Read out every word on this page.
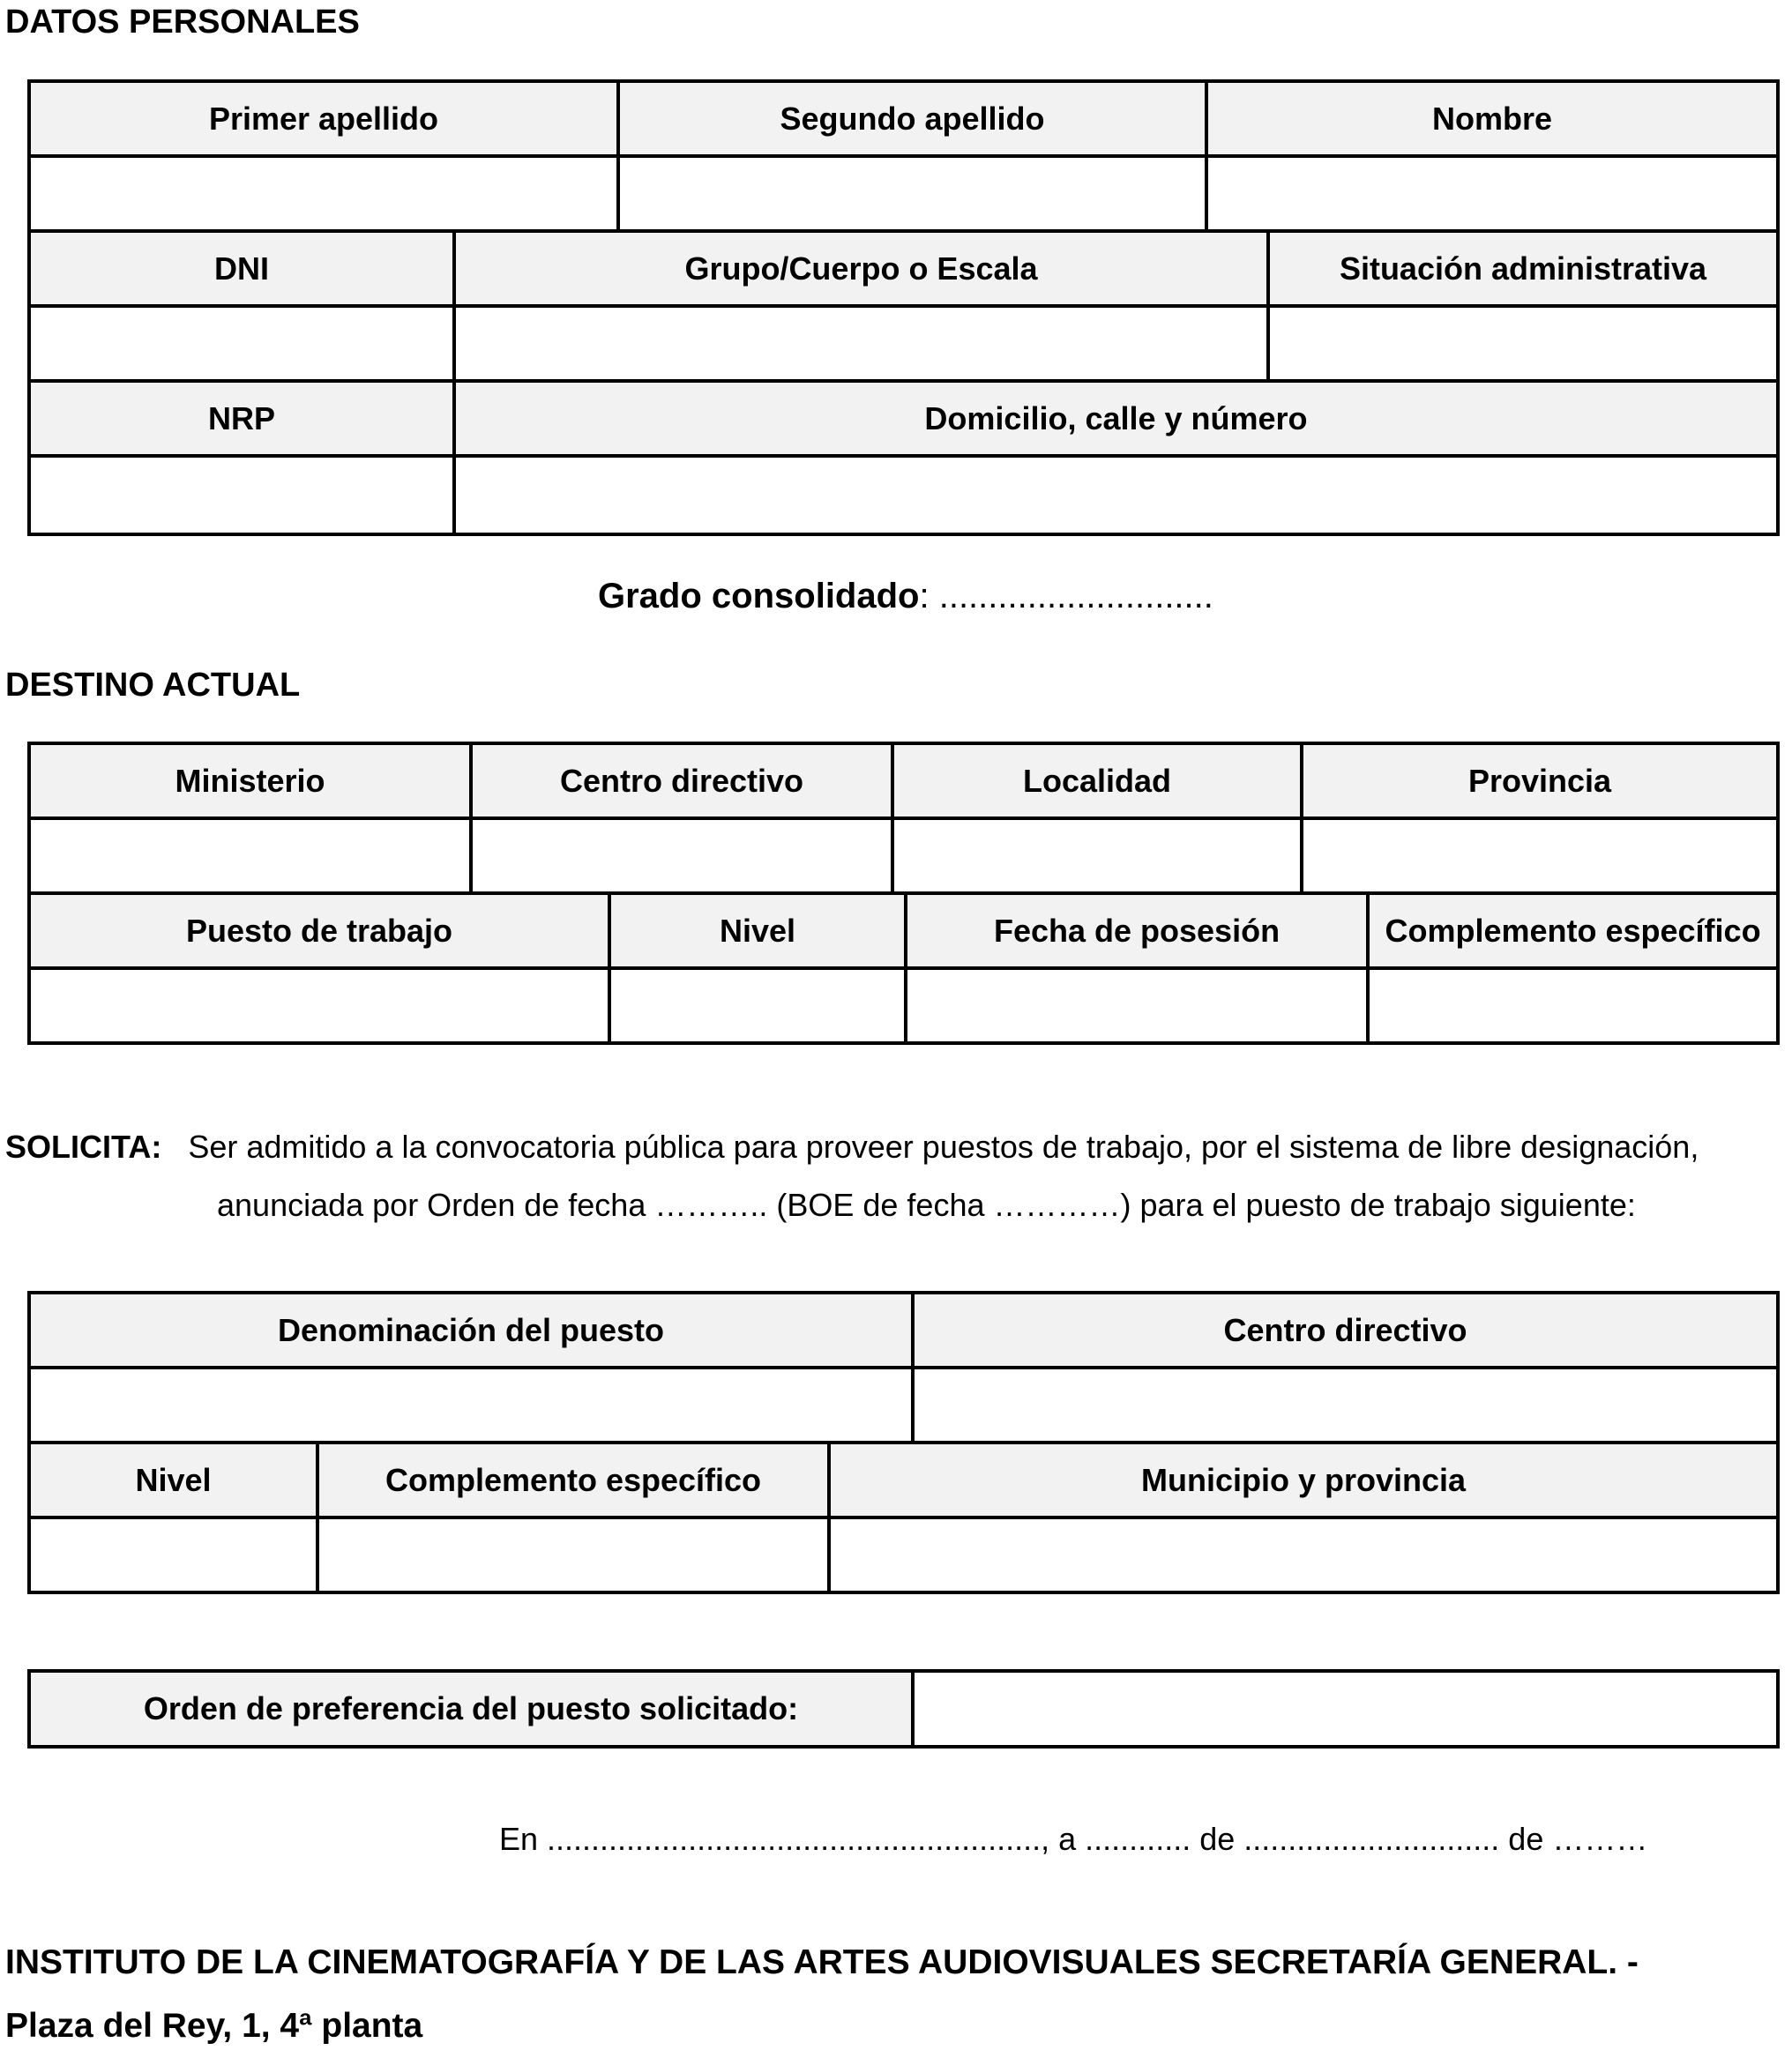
DATOS PERSONALES
Primer apellido		Segundo apellido	Nombre	

DNI	Grupo/Cuerpo o Escala			Situación administrativa

NRP	Domicilio, calle y número			

Grado consolidado: ............................
DESTINO ACTUAL
Ministerio	Centro directivo		Localidad		Provincia	

Puesto de trabajo		Nivel		Fecha de posesión		Complemento específico

SOLICITA: Ser admitido a la convocatoria pública para proveer puestos de trabajo, por el sistema de libre designación,
anunciada por Orden de fecha ……….. (BOE de fecha …………) para el puesto de trabajo siguiente:
Denominación del puesto			Centro directivo

Nivel	Complemento específico	Municipio y provincia	

Orden de preferencia del puesto solicitado:	
En ........................................................, a ............ de ............................. de ………
INSTITUTO DE LA CINEMATOGRAFÍA Y DE LAS ARTES AUDIOVISUALES SECRETARÍA GENERAL. -
Plaza del Rey, 1, 4ª planta
